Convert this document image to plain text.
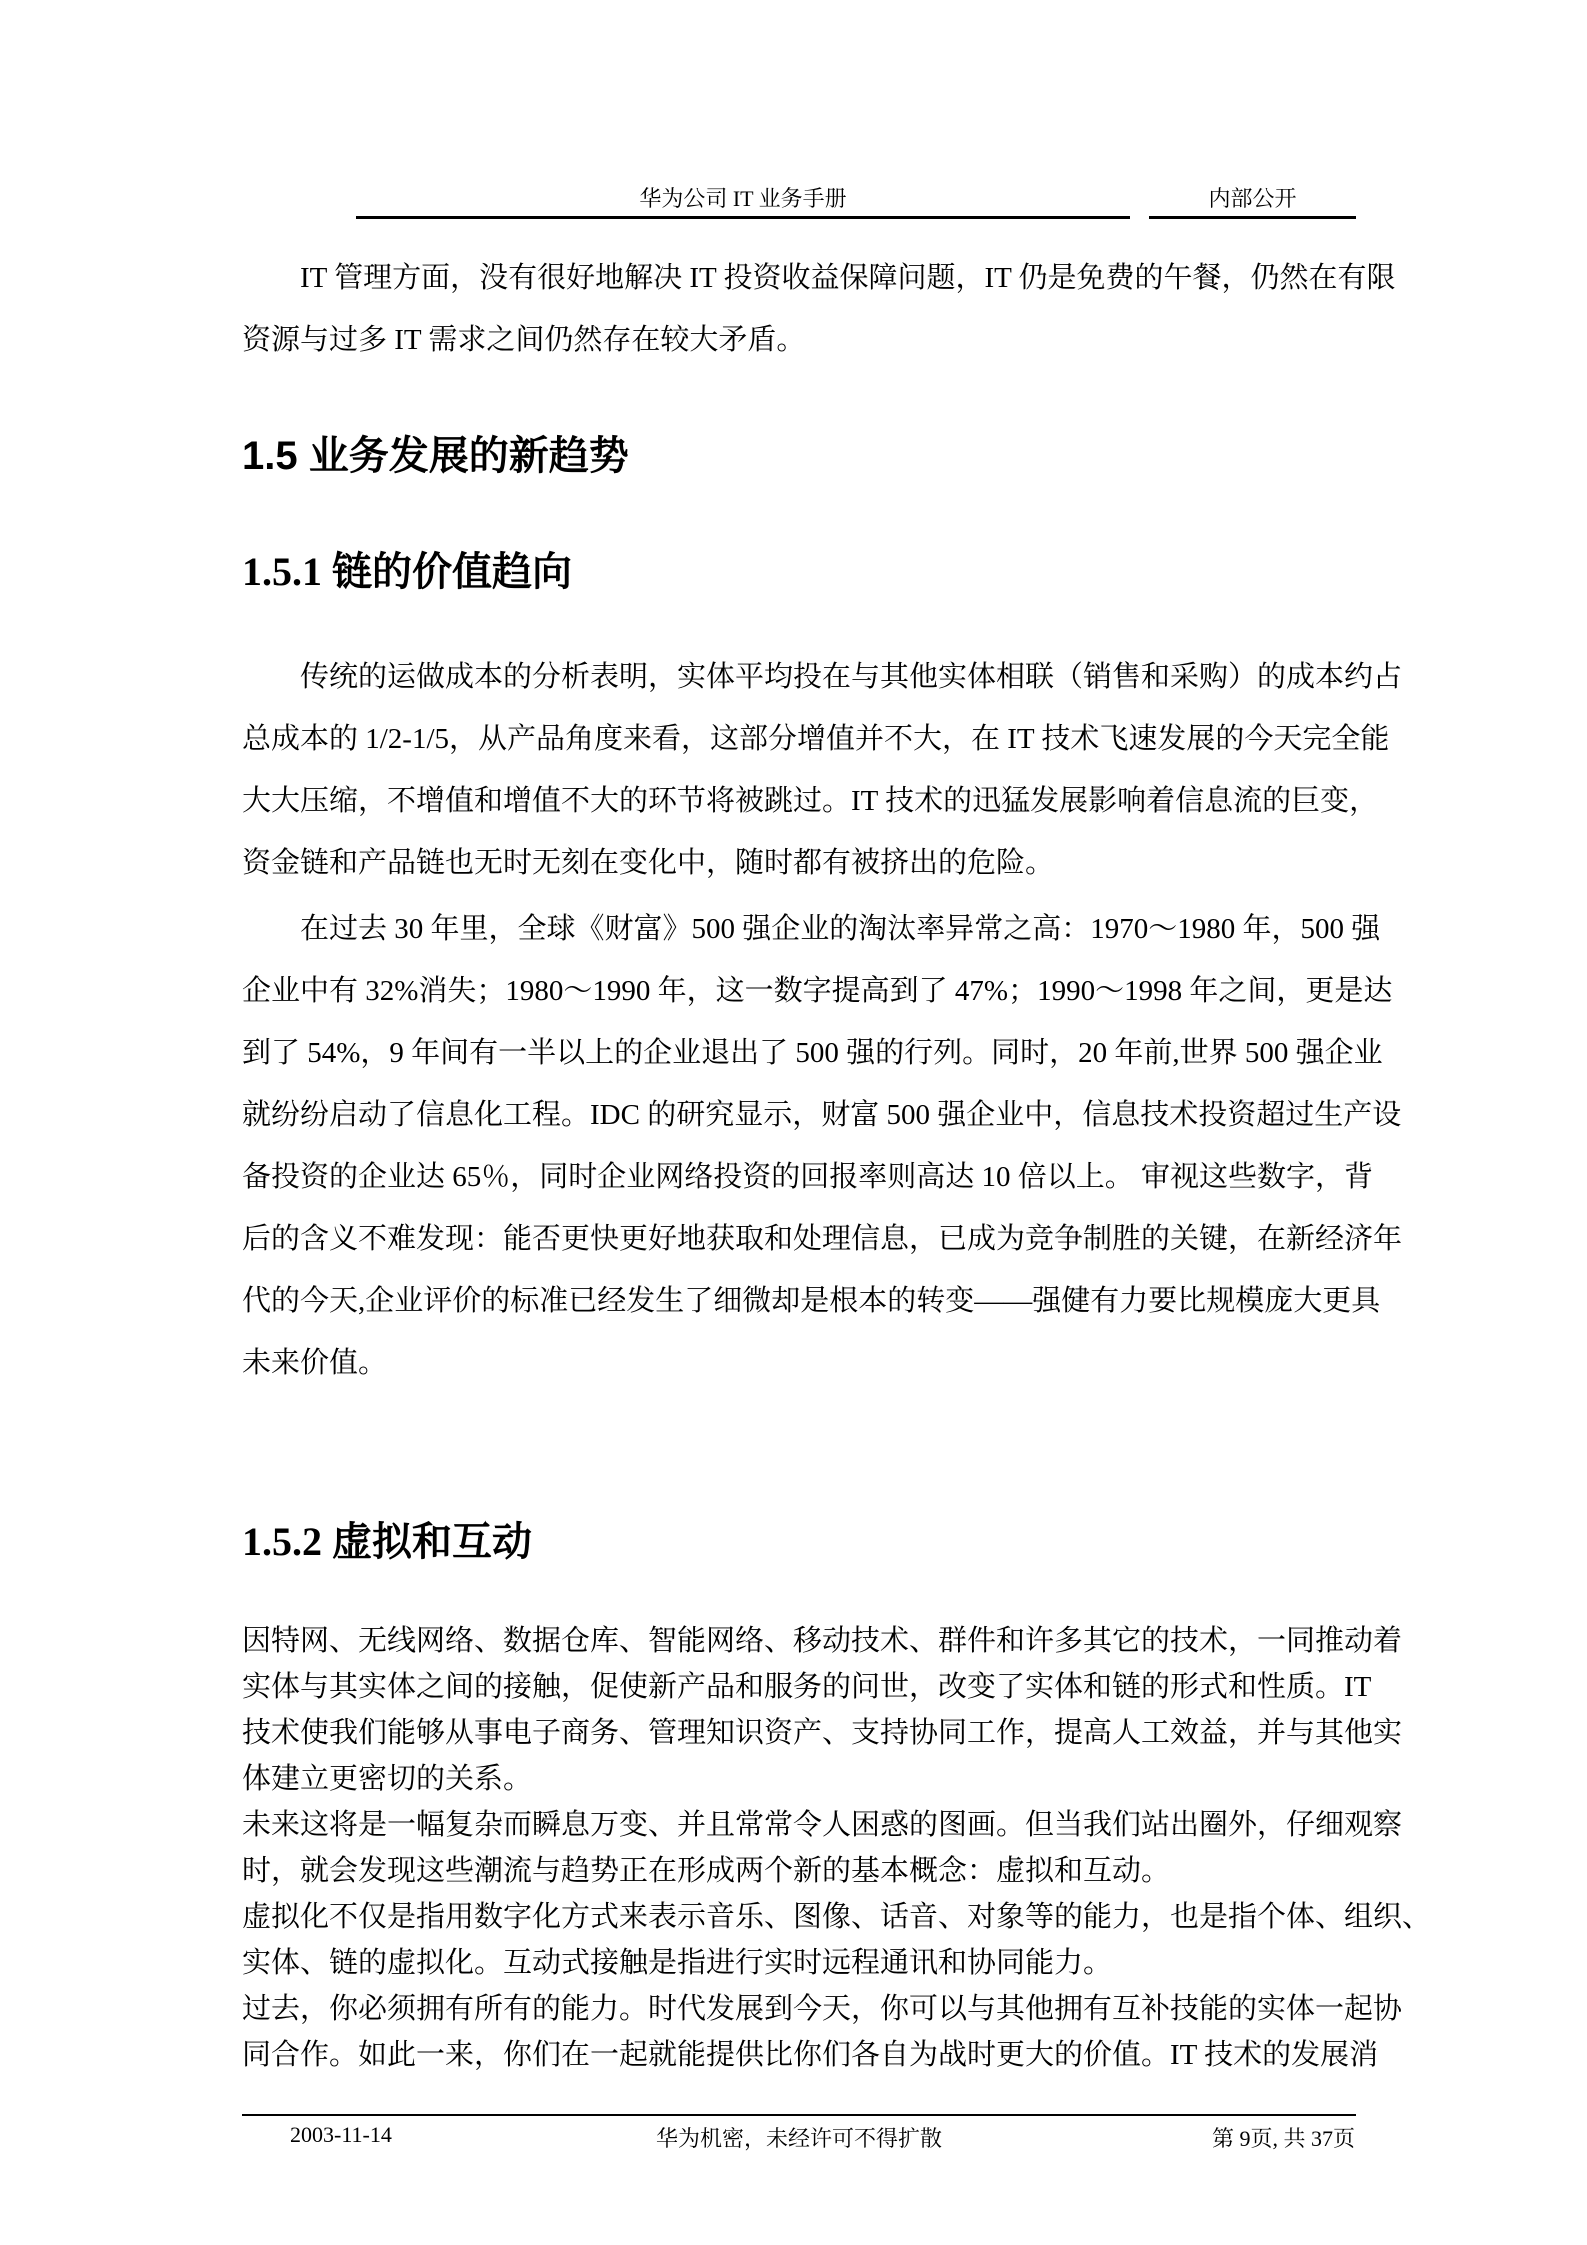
华为公司 IT 业务手册	内部公开
IT 管理方面，没有很好地解决 IT 投资收益保障问题，IT 仍是免费的午餐，仍然在有限
资源与过多 IT 需求之间仍然存在较大矛盾。
1.5 业务发展的新趋势
1.5.1 链的价值趋向
传统的运做成本的分析表明，实体平均投在与其他实体相联（销售和采购）的成本约占
总成本的 1/2-1/5，从产品角度来看，这部分增值并不大，在 IT 技术飞速发展的今天完全能
大大压缩，不增值和增值不大的环节将被跳过。IT 技术的迅猛发展影响着信息流的巨变，
资金链和产品链也无时无刻在变化中，随时都有被挤出的危险。
在过去 30 年里，全球《财富》500 强企业的淘汰率异常之高：1970～1980 年，500 强
企业中有 32%消失；1980～1990 年，这一数字提高到了 47%；1990～1998 年之间，更是达
到了 54%，9 年间有一半以上的企业退出了 500 强的行列。同时，20 年前,世界 500 强企业
就纷纷启动了信息化工程。IDC 的研究显示，财富 500 强企业中，信息技术投资超过生产设
备投资的企业达 65％，同时企业网络投资的回报率则高达 10 倍以上。 审视这些数字，背
后的含义不难发现：能否更快更好地获取和处理信息，已成为竞争制胜的关键，在新经济年
代的今天,企业评价的标准已经发生了细微却是根本的转变——强健有力要比规模庞大更具
未来价值。
1.5.2 虚拟和互动
因特网、无线网络、数据仓库、智能网络、移动技术、群件和许多其它的技术，一同推动着
实体与其实体之间的接触，促使新产品和服务的问世，改变了实体和链的形式和性质。IT
技术使我们能够从事电子商务、管理知识资产、支持协同工作，提高人工效益，并与其他实
体建立更密切的关系。
未来这将是一幅复杂而瞬息万变、并且常常令人困惑的图画。但当我们站出圈外，仔细观察
时，就会发现这些潮流与趋势正在形成两个新的基本概念：虚拟和互动。
虚拟化不仅是指用数字化方式来表示音乐、图像、话音、对象等的能力，也是指个体、组织、
实体、链的虚拟化。互动式接触是指进行实时远程通讯和协同能力。
过去，你必须拥有所有的能力。时代发展到今天，你可以与其他拥有互补技能的实体一起协
同合作。如此一来，你们在一起就能提供比你们各自为战时更大的价值。IT 技术的发展消
2003-11-14	华为机密，未经许可不得扩散	第 9页, 共 37页
